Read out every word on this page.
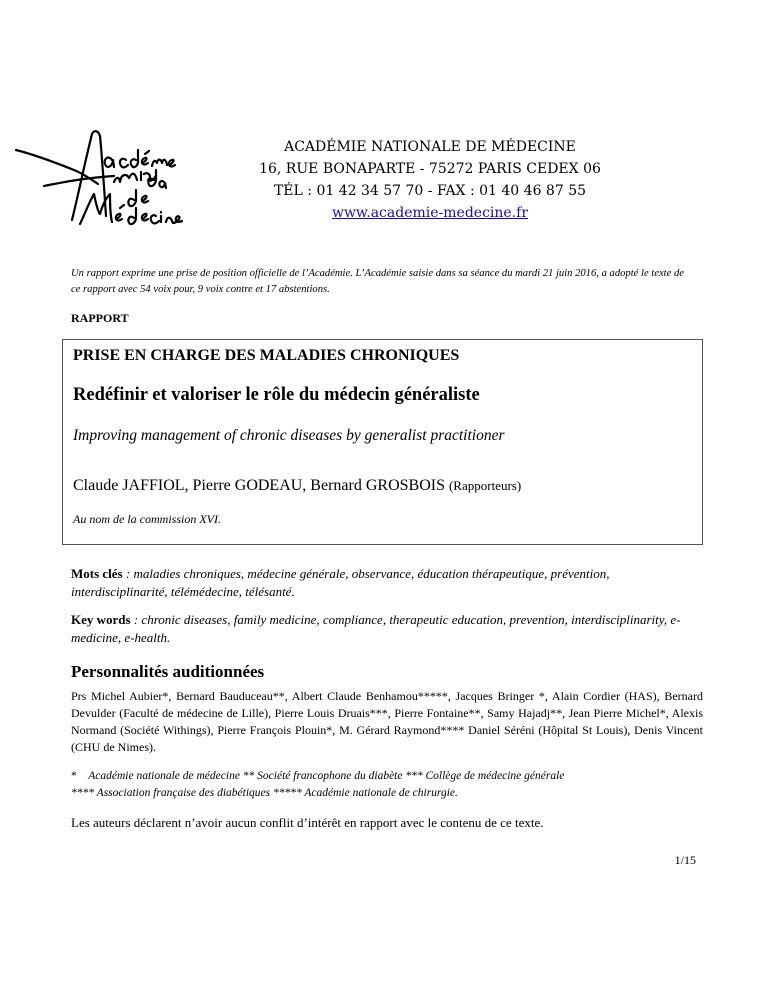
ACADÉMIE NATIONALE DE MÉDECINE
16, RUE BONAPARTE - 75272 PARIS CEDEX 06
TÉL : 01 42 34 57 70 - FAX : 01 40 46 87 55
www.academie-medecine.fr
Un rapport exprime une prise de position officielle de l’Académie. L’Académie saisie dans sa séance du mardi 21 juin 2016, a adopté le texte de ce rapport avec 54 voix pour, 9 voix contre et 17 abstentions.
RAPPORT
PRISE EN CHARGE DES MALADIES CHRONIQUES
Redéfinir et valoriser le rôle du médecin généraliste
Improving management of chronic diseases by generalist practitioner
Claude JAFFIOL, Pierre GODEAU, Bernard GROSBOIS (Rapporteurs)
Au nom de la commission XVI.
Mots clés : maladies chroniques, médecine générale, observance, éducation thérapeutique, prévention, interdisciplinarité, télémédecine, télésanté.
Key words : chronic diseases, family medicine, compliance, therapeutic education, prevention, interdisciplinarity, e-medicine, e-health.
Personnalités auditionnées
Prs Michel Aubier*, Bernard Bauduceau**, Albert Claude Benhamou*****, Jacques Bringer *, Alain Cordier (HAS), Bernard Devulder (Faculté de médecine de Lille), Pierre Louis Druais***, Pierre Fontaine**, Samy Hajadj**, Jean Pierre Michel*, Alexis Normand (Société Withings), Pierre François Plouin*, M. Gérard Raymond**** Daniel Séréni (Hôpital St Louis), Denis Vincent (CHU de Nimes).
* Académie nationale de médecine ** Société francophone du diabète *** Collège de médecine générale
**** Association française des diabétiques ***** Académie nationale de chirurgie.
Les auteurs déclarent n’avoir aucun conflit d’intérêt en rapport avec le contenu de ce texte.
1/15
